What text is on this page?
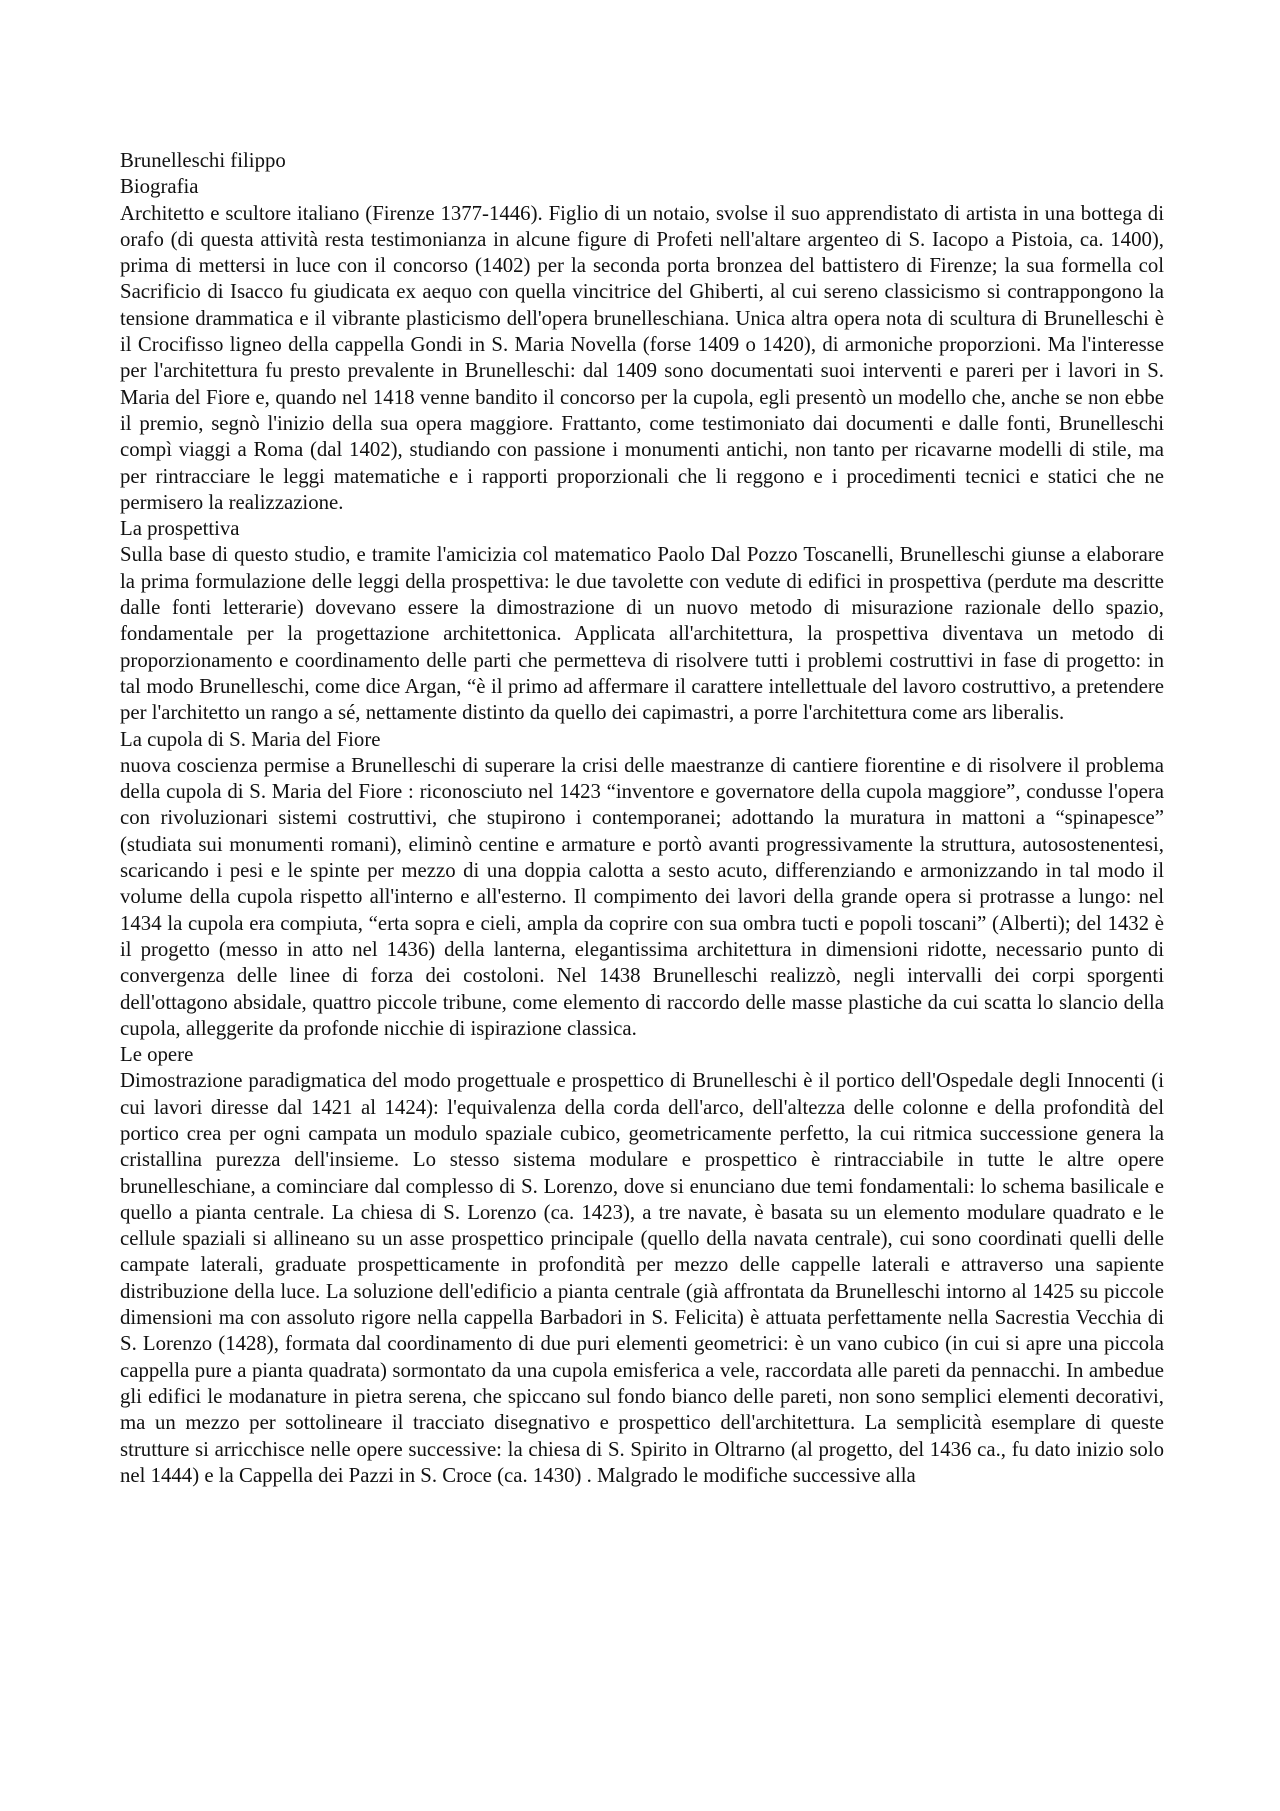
Brunelleschi filippo
Biografia

Architetto e scultore italiano (Firenze 1377-1446). Figlio di un notaio, svolse il suo apprendistato di artista in una bottega di orafo (di questa attività resta testimonianza in alcune figure di Profeti nell'altare argenteo di S. Iacopo a Pistoia, ca. 1400), prima di mettersi in luce con il concorso (1402) per la seconda porta bronzea del battistero di Firenze; la sua formella col Sacrificio di Isacco fu giudicata ex aequo con quella vincitrice del Ghiberti, al cui sereno classicismo si contrappongono la tensione drammatica e il vibrante plasticismo dell'opera brunelleschiana. Unica altra opera nota di scultura di Brunelleschi è il Crocifisso ligneo della cappella Gondi in S. Maria Novella (forse 1409 o 1420), di armoniche proporzioni. Ma l'interesse per l'architettura fu presto prevalente in Brunelleschi: dal 1409 sono documentati suoi interventi e pareri per i lavori in S. Maria del Fiore e, quando nel 1418 venne bandito il concorso per la cupola, egli presentò un modello che, anche se non ebbe il premio, segnò l'inizio della sua opera maggiore. Frattanto, come testimoniato dai documenti e dalle fonti, Brunelleschi compì viaggi a Roma (dal 1402), studiando con passione i monumenti antichi, non tanto per ricavarne modelli di stile, ma per rintracciare le leggi matematiche e i rapporti proporzionali che li reggono e i procedimenti tecnici e statici che ne permisero la realizzazione.

La prospettiva

Sulla base di questo studio, e tramite l'amicizia col matematico Paolo Dal Pozzo Toscanelli, Brunelleschi giunse a elaborare la prima formulazione delle leggi della prospettiva: le due tavolette con vedute di edifici in prospettiva (perdute ma descritte dalle fonti letterarie) dovevano essere la dimostrazione di un nuovo metodo di misurazione razionale dello spazio, fondamentale per la progettazione architettonica. Applicata all'architettura, la prospettiva diventava un metodo di proporzionamento e coordinamento delle parti che permetteva di risolvere tutti i problemi costruttivi in fase di progetto: in tal modo Brunelleschi, come dice Argan, “è il primo ad affermare il carattere intellettuale del lavoro costruttivo, a pretendere per l'architetto un rango a sé, nettamente distinto da quello dei capimastri, a porre l'architettura come ars liberalis.

La cupola di S. Maria del Fiore

nuova coscienza permise a Brunelleschi di superare la crisi delle maestranze di cantiere fiorentine e di risolvere il problema della cupola di S. Maria del Fiore : riconosciuto nel 1423 “inventore e governatore della cupola maggiore”, condusse l'opera con rivoluzionari sistemi costruttivi, che stupirono i contemporanei; adottando la muratura in mattoni a “spinapesce” (studiata sui monumenti romani), eliminò centine e armature e portò avanti progressivamente la struttura, autosostenentesi, scaricando i pesi e le spinte per mezzo di una doppia calotta a sesto acuto, differenziando e armonizzando in tal modo il volume della cupola rispetto all'interno e all'esterno. Il compimento dei lavori della grande opera si protrasse a lungo: nel 1434 la cupola era compiuta, “erta sopra e cieli, ampla da coprire con sua ombra tucti e popoli toscani” (Alberti); del 1432 è il progetto (messo in atto nel 1436) della lanterna, elegantissima architettura in dimensioni ridotte, necessario punto di convergenza delle linee di forza dei costoloni. Nel 1438 Brunelleschi realizzò, negli intervalli dei corpi sporgenti dell'ottagono absidale, quattro piccole tribune, come elemento di raccordo delle masse plastiche da cui scatta lo slancio della cupola, alleggerite da profonde nicchie di ispirazione classica.

Le opere

Dimostrazione paradigmatica del modo progettuale e prospettico di Brunelleschi è il portico dell'Ospedale degli Innocenti (i cui lavori diresse dal 1421 al 1424): l'equivalenza della corda dell'arco, dell'altezza delle colonne e della profondità del portico crea per ogni campata un modulo spaziale cubico, geometricamente perfetto, la cui ritmica successione genera la cristallina purezza dell'insieme. Lo stesso sistema modulare e prospettico è rintracciabile in tutte le altre opere brunelleschiane, a cominciare dal complesso di S. Lorenzo, dove si enunciano due temi fondamentali: lo schema basilicale e quello a pianta centrale. La chiesa di S. Lorenzo (ca. 1423), a tre navate, è basata su un elemento modulare quadrato e le cellule spaziali si allineano su un asse prospettico principale (quello della navata centrale), cui sono coordinati quelli delle campate laterali, graduate prospetticamente in profondità per mezzo delle cappelle laterali e attraverso una sapiente distribuzione della luce. La soluzione dell'edificio a pianta centrale (già affrontata da Brunelleschi intorno al 1425 su piccole dimensioni ma con assoluto rigore nella cappella Barbadori in S. Felicita) è attuata perfettamente nella Sacrestia Vecchia di S. Lorenzo (1428), formata dal coordinamento di due puri elementi geometrici: è un vano cubico (in cui si apre una piccola cappella pure a pianta quadrata) sormontato da una cupola emisferica a vele, raccordata alle pareti da pennacchi. In ambedue gli edifici le modanature in pietra serena, che spiccano sul fondo bianco delle pareti, non sono semplici elementi decorativi, ma un mezzo per sottolineare il tracciato disegnativo e prospettico dell'architettura. La semplicità esemplare di queste strutture si arricchisce nelle opere successive: la chiesa di S. Spirito in Oltrarno (al progetto, del 1436 ca., fu dato inizio solo nel 1444) e la Cappella dei Pazzi in S. Croce (ca. 1430) . Malgrado le modifiche successive alla
